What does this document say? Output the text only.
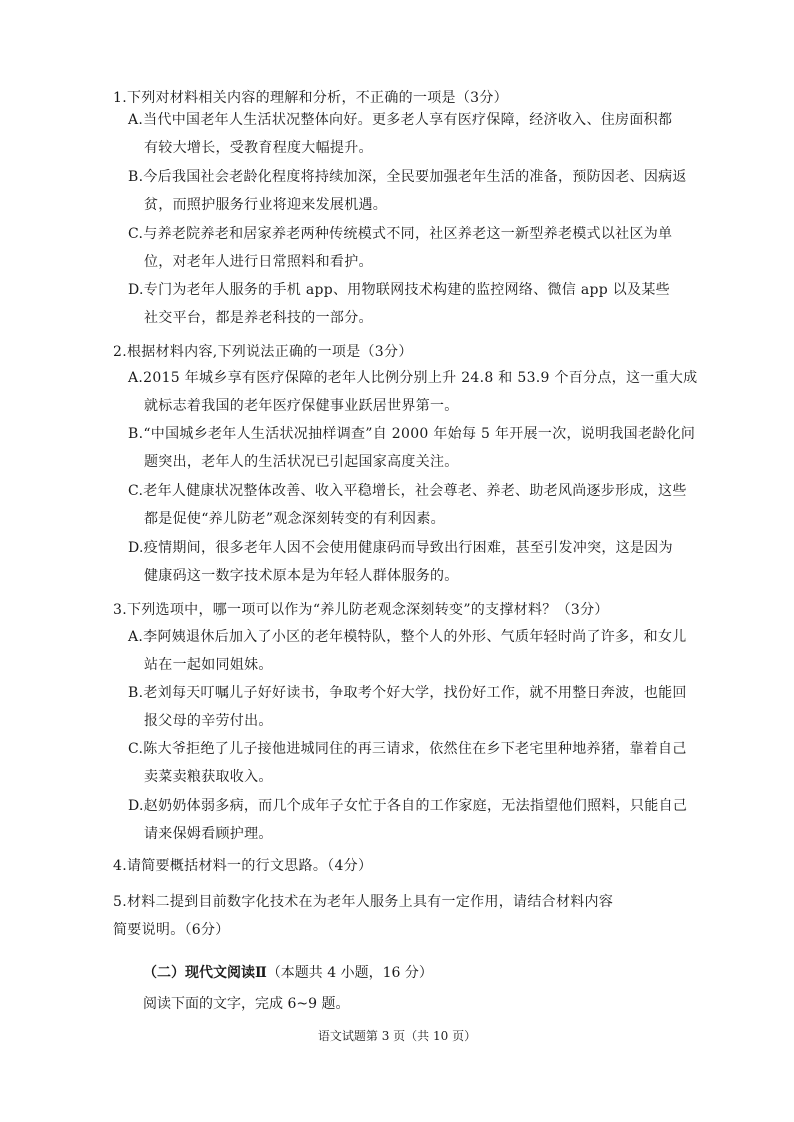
1.下列对材料相关内容的理解和分析，不正确的一项是（3分）
A.当代中国老年人生活状况整体向好。更多老人享有医疗保障，经济收入、住房面积都
有较大增长，受教育程度大幅提升。
B.今后我国社会老龄化程度将持续加深，全民要加强老年生活的准备，预防因老、因病返
贫，而照护服务行业将迎来发展机遇。
C.与养老院养老和居家养老两种传统模式不同，社区养老这一新型养老模式以社区为单
位，对老年人进行日常照料和看护。
D.专门为老年人服务的手机 app、用物联网技术构建的监控网络、微信 app 以及某些
社交平台，都是养老科技的一部分。
2.根据材料内容,下列说法正确的一项是（3分）
A.2015 年城乡享有医疗保障的老年人比例分别上升 24.8 和 53.9 个百分点，这一重大成
就标志着我国的老年医疗保健事业跃居世界第一。
B.“中国城乡老年人生活状况抽样调查”自 2000 年始每 5 年开展一次，说明我国老龄化问
题突出，老年人的生活状况已引起国家高度关注。
C.老年人健康状况整体改善、收入平稳增长，社会尊老、养老、助老风尚逐步形成，这些
都是促使“养儿防老”观念深刻转变的有利因素。
D.疫情期间，很多老年人因不会使用健康码而导致出行困难，甚至引发冲突，这是因为
健康码这一数字技术原本是为年轻人群体服务的。
3.下列选项中，哪一项可以作为“养儿防老观念深刻转变”的支撑材料？（3分）
A.李阿姨退休后加入了小区的老年模特队，整个人的外形、气质年轻时尚了许多，和女儿
站在一起如同姐妹。
B.老刘每天叮嘱儿子好好读书，争取考个好大学，找份好工作，就不用整日奔波，也能回
报父母的辛劳付出。
C.陈大爷拒绝了儿子接他进城同住的再三请求，依然住在乡下老宅里种地养猪，靠着自己
卖菜卖粮获取收入。
D.赵奶奶体弱多病，而几个成年子女忙于各自的工作家庭，无法指望他们照料，只能自己
请来保姆看顾护理。
4.请简要概括材料一的行文思路。（4分）
5.材料二提到目前数字化技术在为老年人服务上具有一定作用，请结合材料内容
简要说明。（6分）
（二）现代文阅读Ⅱ（本题共 4 小题，16 分）
阅读下面的文字，完成 6~9 题。
语文试题第 3 页（共 10 页）
